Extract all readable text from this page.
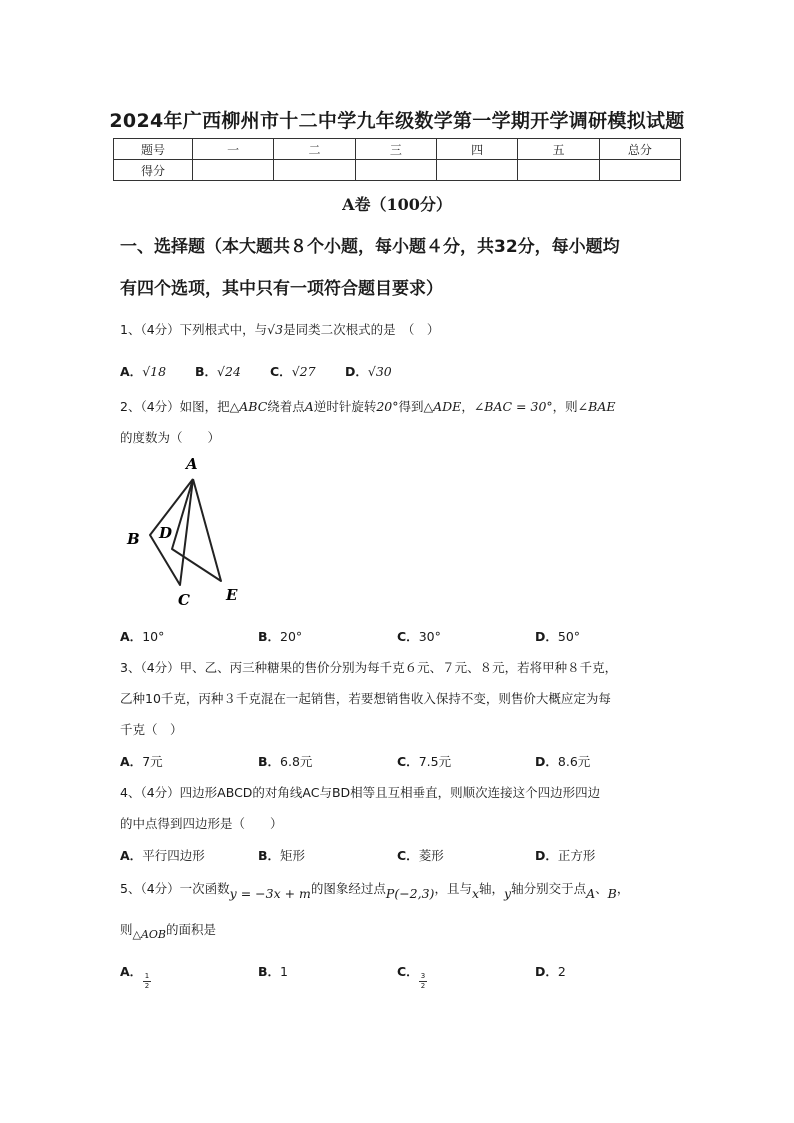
2024年广西柳州市十二中学九年级数学第一学期开学调研模拟试题
题号	一	二	三	四	五	总分
得分						
A卷（100分）
一、选择题（本大题共８个小题，每小题４分，共32分，每小题均
有四个选项，其中只有一项符合题目要求）
1、（4分）下列根式中，与√3是同类二次根式的是　（　）
A．√18 B．√24 C．√27 D．√30
2、（4分）如图，把△ABC绕着点A逆时针旋转20°得到△ADE，∠BAC = 30°，则∠BAE
的度数为（　　）
A
B D
C E
A．10°	B．20°	C．30°	D．50°
3、（4分）甲、乙、丙三种糖果的售价分别为每千克６元、７元、８元，若将甲种８千克，
乙种10千克，丙种３千克混在一起销售，若要想销售收入保持不变，则售价大概应定为每
千克（　）
A．7元	B．6.8元	C．7.5元	D．8.6元
4、（4分）四边形ABCD的对角线AC与BD相等且互相垂直，则顺次连接这个四边形四边
的中点得到四边形是（　　）
A．平行四边形	B．矩形	C．菱形	D．正方形
5、（4分）一次函数y = −3x + m的图象经过点P(−2,3)，且与x轴，y轴分别交于点A、B，
则△AOB的面积是
A．
$\frac{1}{2}$
B．1	C．
$\frac{3}{2}$
D．2
